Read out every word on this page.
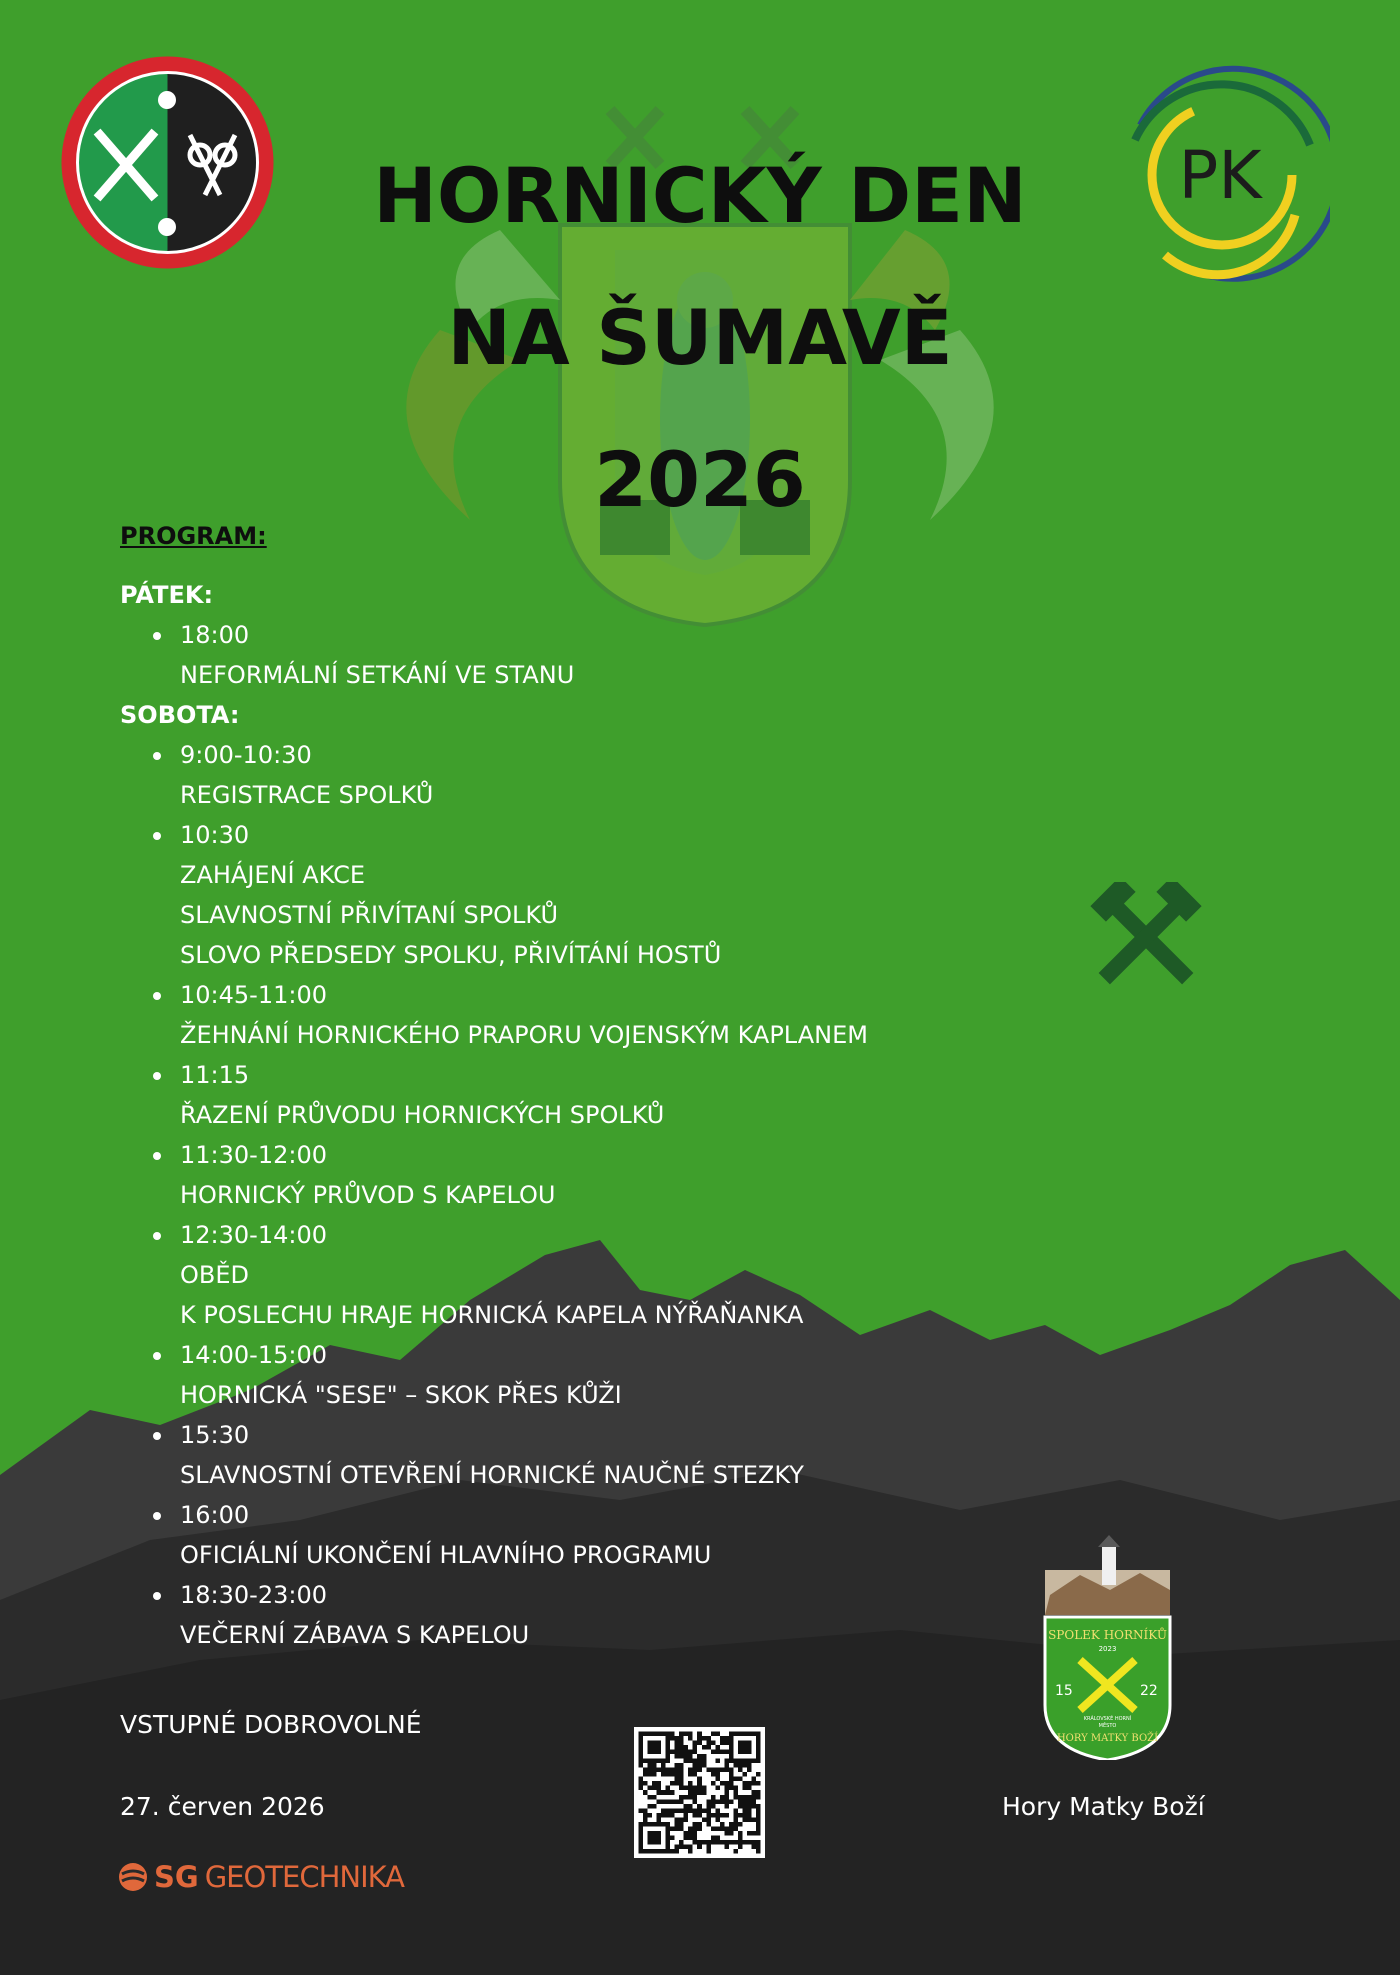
PK
HORNICKÝ DEN
NA ŠUMAVĚ
2026
PROGRAM:
PÁTEK:
18:00
NEFORMÁLNÍ SETKÁNÍ VE STANU
SOBOTA:
9:00-10:30
REGISTRACE SPOLKŮ
10:30
ZAHÁJENÍ AKCE
SLAVNOSTNÍ PŘIVÍTANÍ SPOLKŮ
SLOVO PŘEDSEDY SPOLKU, PŘIVÍTÁNÍ HOSTŮ
10:45-11:00
ŽEHNÁNÍ HORNICKÉHO PRAPORU VOJENSKÝM KAPLANEM
11:15
ŘAZENÍ PRŮVODU HORNICKÝCH SPOLKŮ
11:30-12:00
HORNICKÝ PRŮVOD S KAPELOU
12:30-14:00
OBĚD
K POSLECHU HRAJE HORNICKÁ KAPELA NÝŘAŇANKA
14:00-15:00
HORNICKÁ "SESE" – SKOK PŘES KŮŽI
15:30
SLAVNOSTNÍ OTEVŘENÍ HORNICKÉ NAUČNÉ STEZKY
16:00
OFICIÁLNÍ UKONČENÍ HLAVNÍHO PROGRAMU
18:30-23:00
VEČERNÍ ZÁBAVA S KAPELOU	SPOLEK HORNÍKŮ
2023
15	22
KRÁLOVSKÉ HORNÍ
MĚSTO
HORY MATKY BOŽÍ
VSTUPNÉ DOBROVOLNÉ
27. červen 2026	Hory Matky Boží
SG GEOTECHNIKA
